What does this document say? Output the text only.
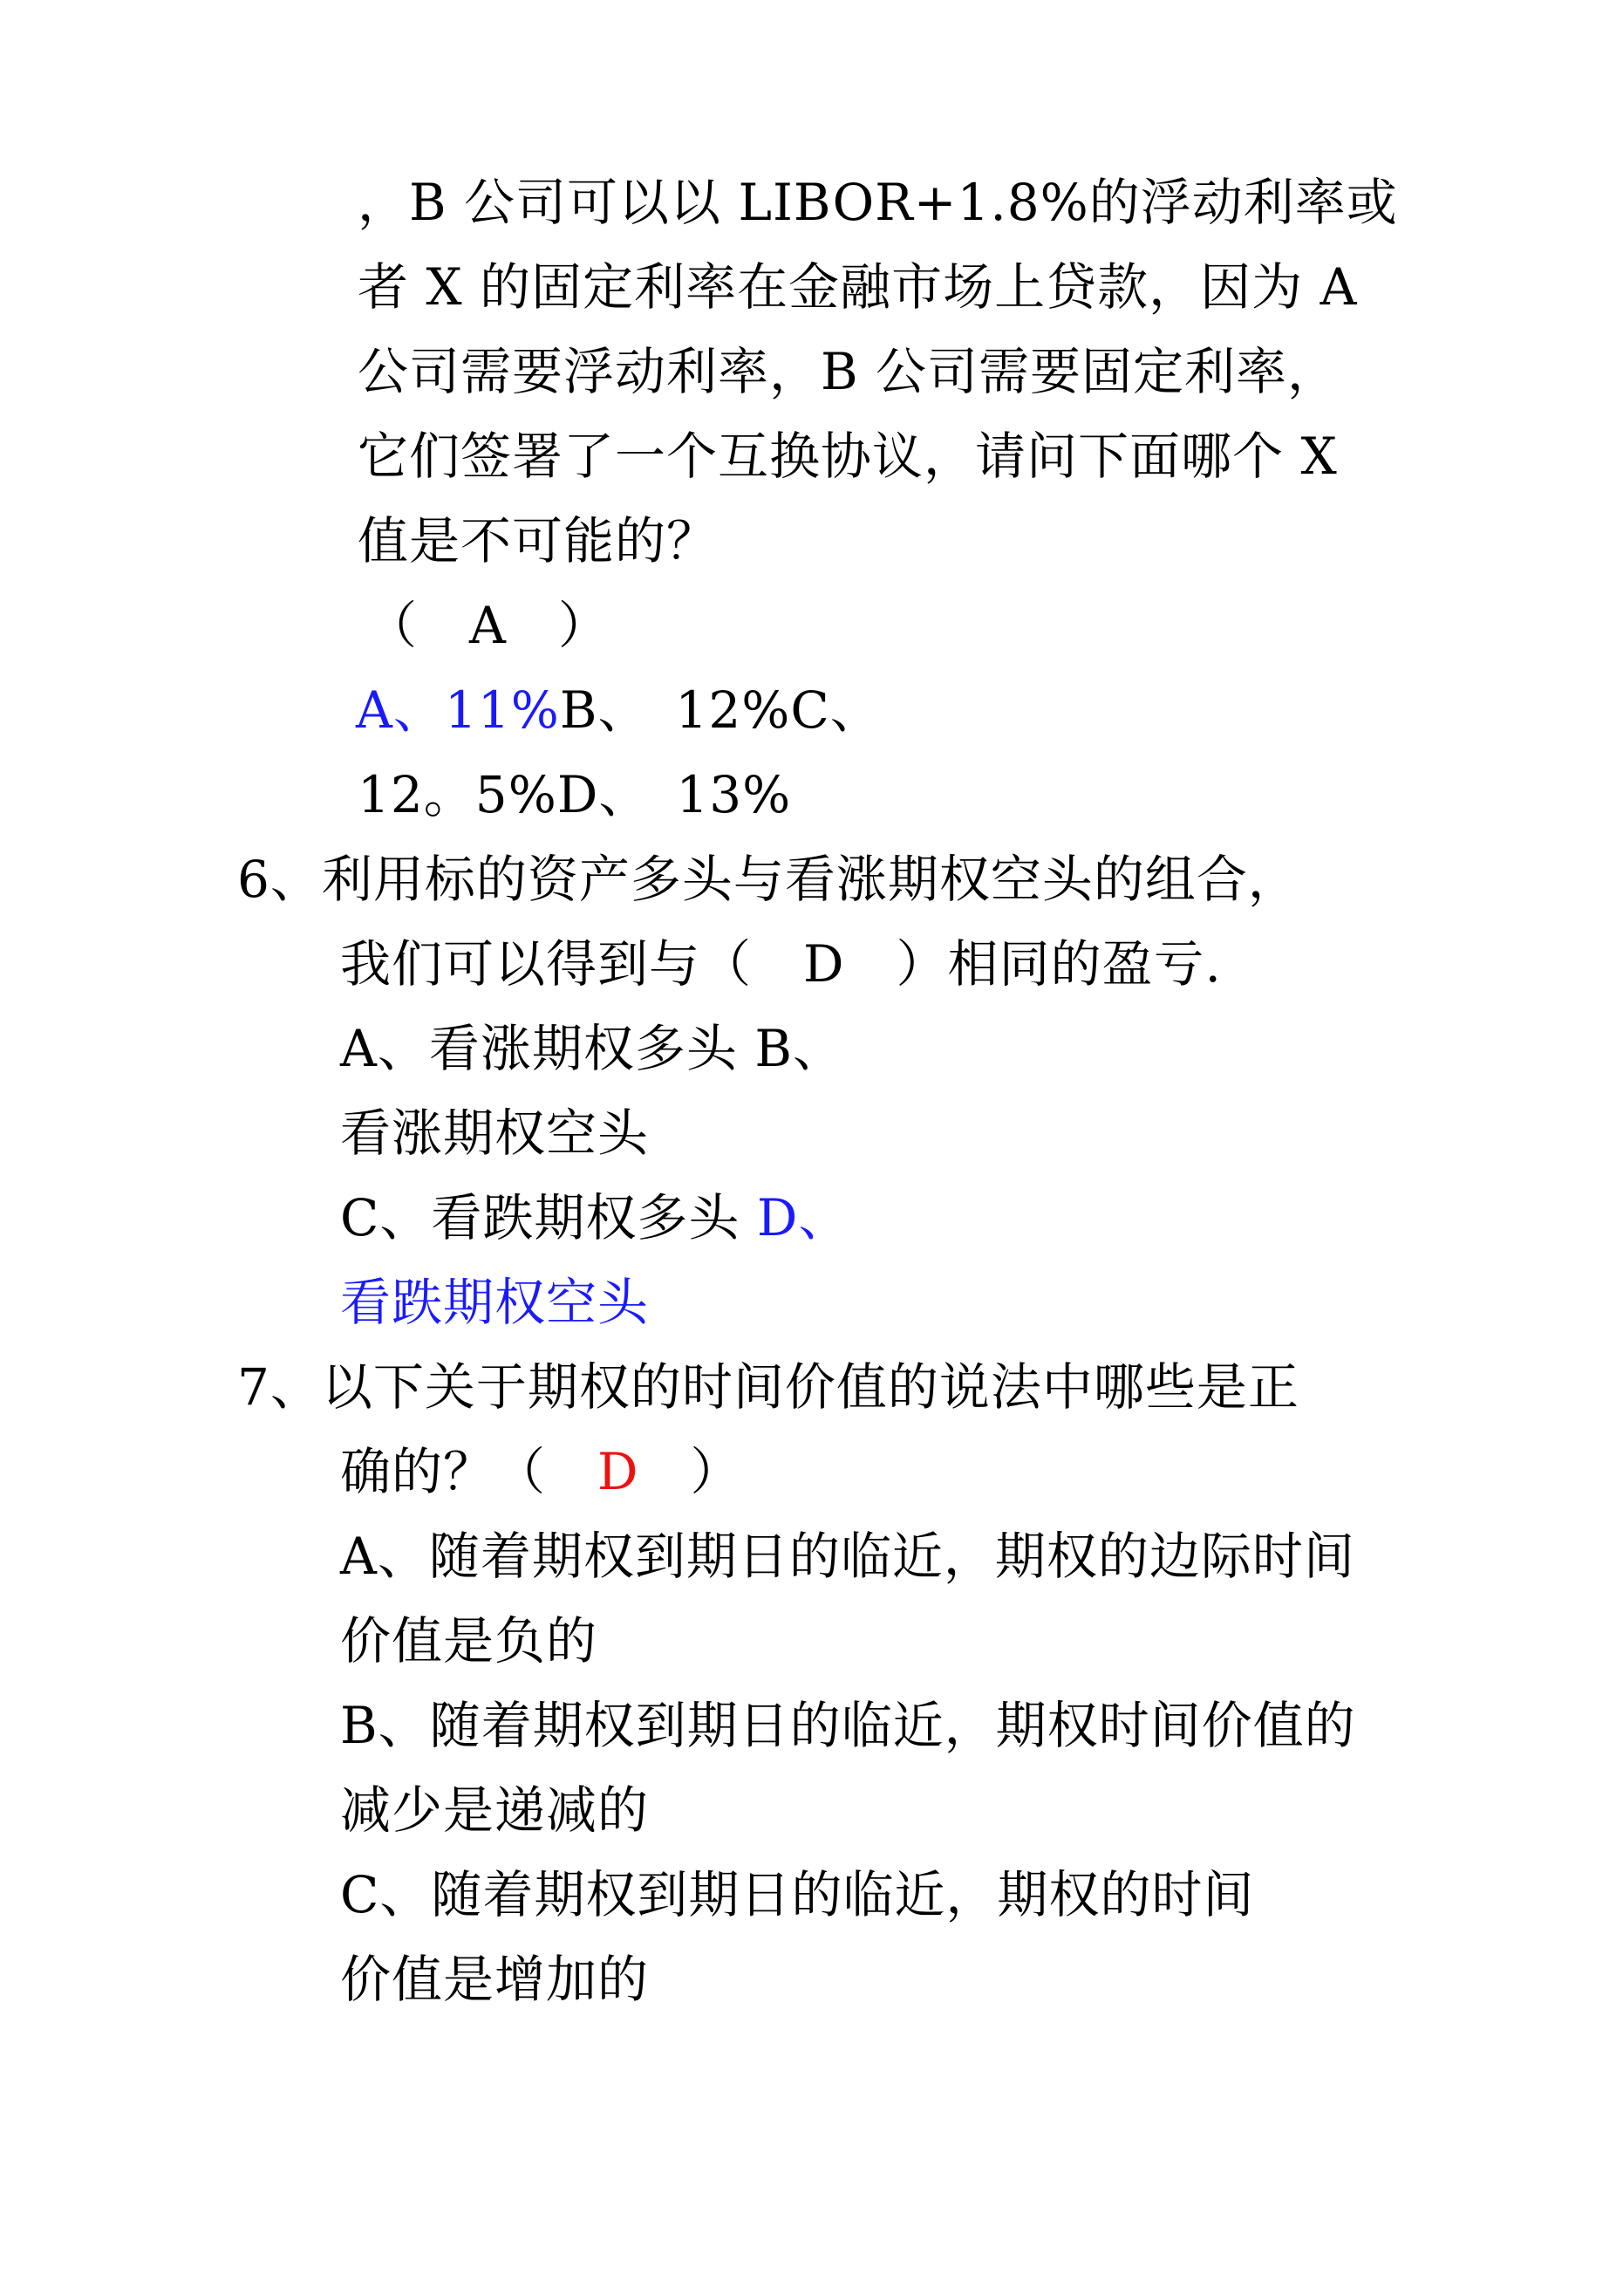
，B 公司可以以 LIBOR+1.8%的浮动利率或
者 X 的固定利率在金融市场上贷款，因为 A
公司需要浮动利率，B 公司需要固定利率，
它们签署了一个互换协议，请问下面哪个 X
值是不可能的？
（　A　）
A、11%B、　12%C、
12。5%D、　13%
6、利用标的资产多头与看涨期权空头的组合，
我们可以得到与（　D　）相同的盈亏.
A、看涨期权多头 B、
看涨期权空头
C、看跌期权多头 D、
看跌期权空头
7、以下关于期权的时间价值的说法中哪些是正
确的？（　D　）
A、随着期权到期日的临近，期权的边际时间
价值是负的
B、随着期权到期日的临近，期权时间价值的
减少是递减的
C、随着期权到期日的临近，期权的时间
价值是增加的
